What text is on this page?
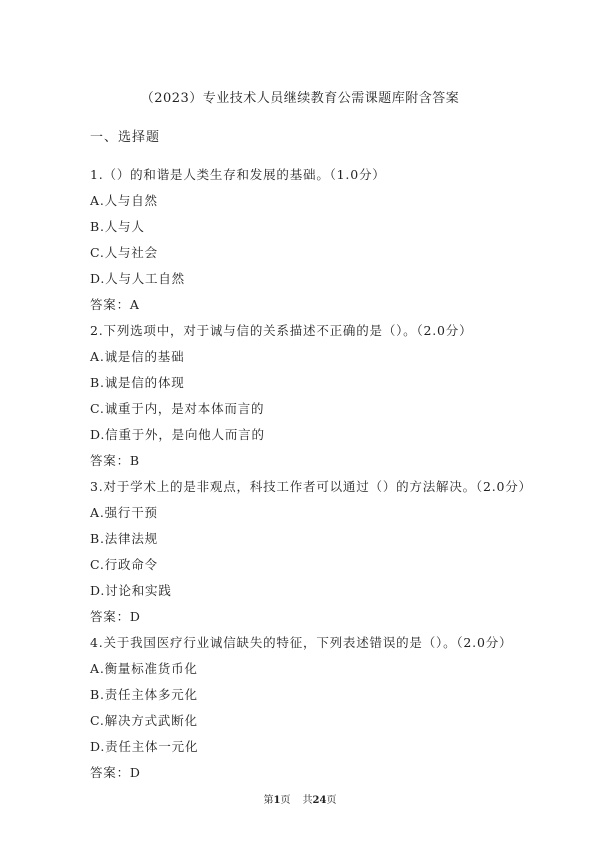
（2023）专业技术人员继续教育公需课题库附含答案
一、选择题
1.（）的和谐是人类生存和发展的基础。（1.0分）
A.人与自然
B.人与人
C.人与社会
D.人与人工自然
答案：A
2.下列选项中，对于诚与信的关系描述不正确的是（）。（2.0分）
A.诚是信的基础
B.诚是信的体现
C.诚重于内，是对本体而言的
D.信重于外，是向他人而言的
答案：B
3.对于学术上的是非观点，科技工作者可以通过（）的方法解决。（2.0分）
A.强行干预
B.法律法规
C.行政命令
D.讨论和实践
答案：D
4.关于我国医疗行业诚信缺失的特征，下列表述错误的是（）。（2.0分）
A.衡量标准货币化
B.责任主体多元化
C.解决方式武断化
D.责任主体一元化
答案：D
第1页 共24页
